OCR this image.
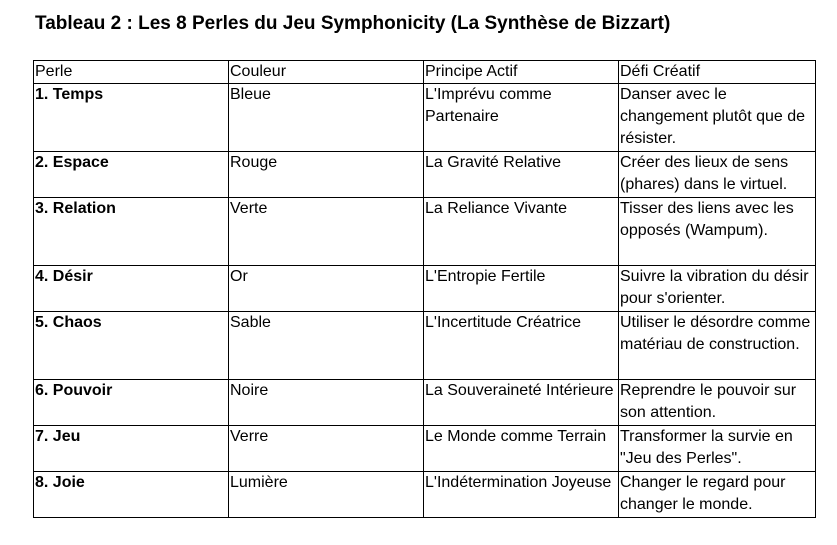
Tableau 2 : Les 8 Perles du Jeu Symphonicity (La Synthèse de Bizzart)
Perle	Couleur	Principe Actif	Défi Créatif
1. Temps	Bleue	L'Imprévu comme Partenaire	Danser avec le changement plutôt que de résister.
2. Espace	Rouge	La Gravité Relative	Créer des lieux de sens (phares) dans le virtuel.
3. Relation	Verte	La Reliance Vivante	Tisser des liens avec les opposés (Wampum).
4. Désir	Or	L'Entropie Fertile	Suivre la vibration du désir pour s'orienter.
5. Chaos	Sable	L'Incertitude Créatrice	Utiliser le désordre comme matériau de construction.
6. Pouvoir	Noire	La Souveraineté Intérieure	Reprendre le pouvoir sur son attention.
7. Jeu	Verre	Le Monde comme Terrain	Transformer la survie en "Jeu des Perles".
8. Joie	Lumière	L'Indétermination Joyeuse	Changer le regard pour changer le monde.
